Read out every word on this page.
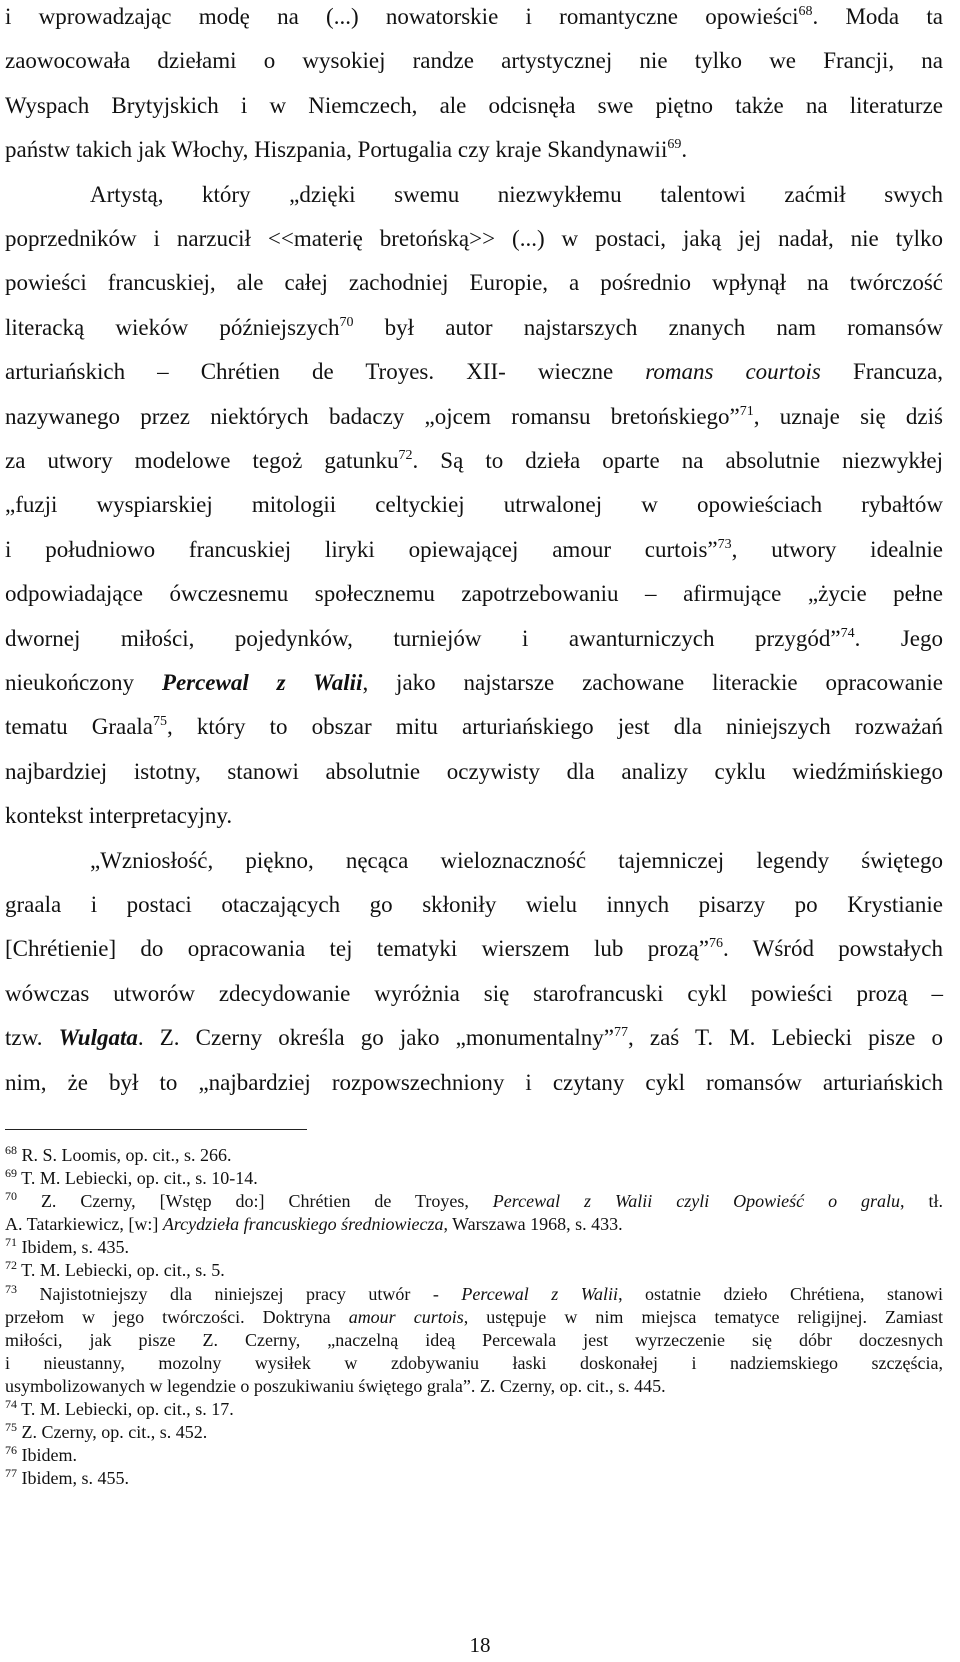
i wprowadzając modę na (...) nowatorskie i romantyczne opowieści$^{68}$. Moda ta
zaowocowała dziełami o wysokiej randze artystycznej nie tylko we Francji, na
Wyspach Brytyjskich i w Niemczech, ale odcisnęła swe piętno także na literaturze
państw takich jak Włochy, Hiszpania, Portugalia czy kraje Skandynawii$^{69}$.
Artystą, który „dzięki swemu niezwykłemu talentowi zaćmił swych
poprzedników i narzucił <<materię bretońską>> (...) w postaci, jaką jej nadał, nie tylko
powieści francuskiej, ale całej zachodniej Europie, a pośrednio wpłynął na twórczość
literacką wieków późniejszych$^{70}$ był autor najstarszych znanych nam romansów
arturiańskich – Chrétien de Troyes. XII- wieczne romans courtois Francuza,
nazywanego przez niektórych badaczy „ojcem romansu bretońskiego”$^{71}$, uznaje się dziś
za utwory modelowe tegoż gatunku$^{72}$. Są to dzieła oparte na absolutnie niezwykłej
„fuzji wyspiarskiej mitologii celtyckiej utrwalonej w opowieściach rybałtów
i południowo francuskiej liryki opiewającej amour curtois”$^{73}$, utwory idealnie
odpowiadające ówczesnemu społecznemu zapotrzebowaniu – afirmujące „życie pełne
dwornej miłości, pojedynków, turniejów i awanturniczych przygód”$^{74}$. Jego
nieukończony Percewal z Walii, jako najstarsze zachowane literackie opracowanie
tematu Graala$^{75}$, który to obszar mitu arturiańskiego jest dla niniejszych rozważań
najbardziej istotny, stanowi absolutnie oczywisty dla analizy cyklu wiedźmińskiego
kontekst interpretacyjny.
„Wzniosłość, piękno, nęcąca wieloznaczność tajemniczej legendy świętego
graala i postaci otaczających go skłoniły wielu innych pisarzy po Krystianie
[Chrétienie] do opracowania tej tematyki wierszem lub prozą”$^{76}$. Wśród powstałych
wówczas utworów zdecydowanie wyróżnia się starofrancuski cykl powieści prozą –
tzw. Wulgata. Z. Czerny określa go jako „monumentalny”$^{77}$, zaś T. M. Lebiecki pisze o
nim, że był to „najbardziej rozpowszechniony i czytany cykl romansów arturiańskich
$^{68}$ R. S. Loomis, op. cit., s. 266.
$^{69}$ T. M. Lebiecki, op. cit., s. 10-14.
$^{70}$ Z. Czerny, [Wstęp do:] Chrétien de Troyes, Percewal z Walii czyli Opowieść o gralu, tł.
A. Tatarkiewicz, [w:] Arcydzieła francuskiego średniowiecza, Warszawa 1968, s. 433.
$^{71}$ Ibidem, s. 435.
$^{72}$ T. M. Lebiecki, op. cit., s. 5.
$^{73}$ Najistotniejszy dla niniejszej pracy utwór - Percewal z Walii, ostatnie dzieło Chrétiena, stanowi
przełom w jego twórczości. Doktryna amour curtois, ustępuje w nim miejsca tematyce religijnej. Zamiast
miłości, jak pisze Z. Czerny, „naczelną ideą Percewala jest wyrzeczenie się dóbr doczesnych
i nieustanny, mozolny wysiłek w zdobywaniu łaski doskonałej i nadziemskiego szczęścia,
usymbolizowanych w legendzie o poszukiwaniu świętego grala”. Z. Czerny, op. cit., s. 445.
$^{74}$ T. M. Lebiecki, op. cit., s. 17.
$^{75}$ Z. Czerny, op. cit., s. 452.
$^{76}$ Ibidem.
$^{77}$ Ibidem, s. 455.
18
